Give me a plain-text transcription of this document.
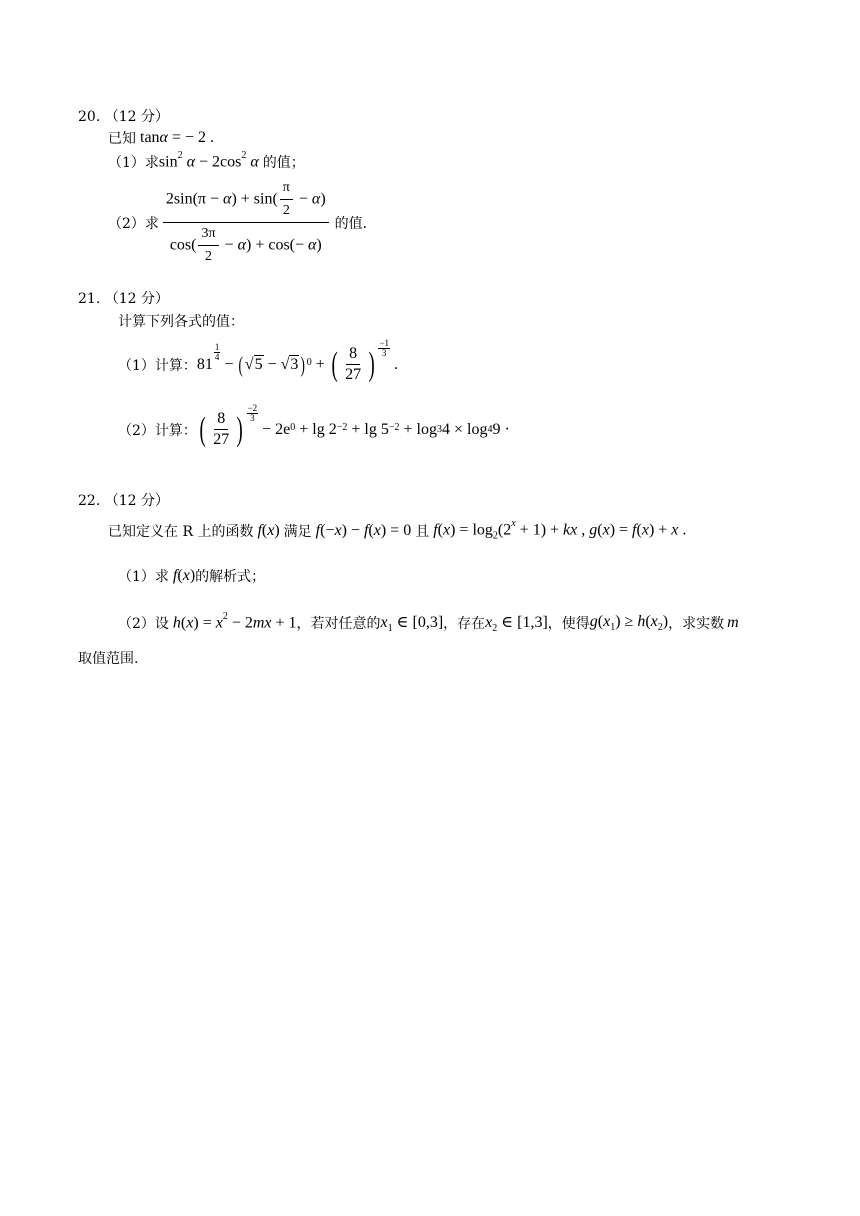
20. （12 分）
已知 tanα = − 2 .
（1）求 $\sin^2 \alpha - 2\cos^2$ α 的值；
（2）求 $\frac{2\sin(\pi - \alpha) + \sin( \frac{\pi}{2} - \alpha)}{\cos( \frac{3\pi}{2} - \alpha) + \cos(- \alpha)}$ 的值.
21. （12 分）
计算下列各式的值：
（1）计算： 81
1
4 − ( √ 5 − √ 3 ) 0 + ( $\frac{8}{27}$ )
−1
3
.
（2）计算： ( $\frac{8}{27}$ )
−2
3
− 2e 0 + lg 2 −2 + lg 5 −2 + log 3 4 × log 4 9 ·
22. （12 分）
已知定义在 R 上的函数 f(x) 满足 f(−x) − f(x) = 0 且 $f(x) = \log_2(2^x + 1)$ + kx , g(x) = f(x) + x .
（1）求 f(x) 的解析式；
（2）设 $h(x) = x^2 - 2mx + 1$ ，若对任意的 $x_1$ ∈ [0,3] ，存在 $x_2$ ∈ [1,3] ，使得 $g(x_1) \ge h(x_2)$ ，求实数 m
取值范围.
